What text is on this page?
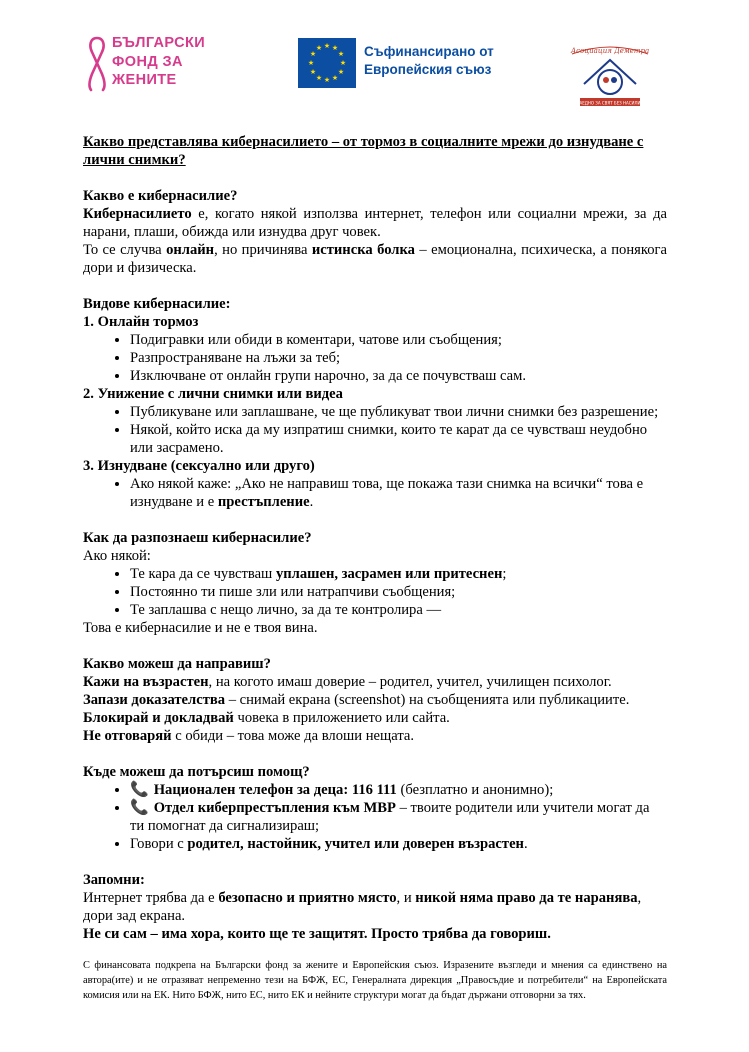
БЪЛГАРСКИ
ФОНД ЗА
ЖЕНИТЕ
★ ★
★
★
★
★
★
★
★
★
★
★	Съфинансирано от
Европейския съюз
Асоциация Деметра
ЗАЕДНО ЗА СВЯТ БЕЗ НАСИЛИЕ

Какво представлява кибернасилието – от тормоз в социалните мрежи до изнудване с лични снимки?

Какво е кибернасилие?

Кибернасилието е, когато някой използва интернет, телефон или социални мрежи, за да нарани, плаши, обижда или изнудва друг човек.

То се случва онлайн, но причинява истинска болка – емоционална, психическа, а понякога дори и физическа.

Видове кибернасилие:

1. Онлайн тормоз

• Подигравки или обиди в коментари, чатове или съобщения;
• Разпространяване на лъжи за теб;
• Изключване от онлайн групи нарочно, за да се почувстваш сам.

2. Унижение с лични снимки или видеа

• Публикуване или заплашване, че ще публикуват твои лични снимки без разрешение;
• Някой, който иска да му изпратиш снимки, които те карат да се чувстваш неудобно или засрамено.

3. Изнудване (сексуално или друго)

• Ако някой каже: „Ако не направиш това, ще покажа тази снимка на всички“ това е изнудване и е престъпление.

Как да разпознаеш кибернасилие?

Ако някой:

• Те кара да се чувстваш уплашен, засрамен или притеснен;
• Постоянно ти пише зли или натрапчиви съобщения;
• Те заплашва с нещо лично, за да те контролира —

Това е кибернасилие и не е твоя вина.

Какво можеш да направиш?

Кажи на възрастен, на когото имаш доверие – родител, учител, училищен психолог.

Запази доказателства – снимай екрана (screenshot) на съобщенията или публикациите.

Блокирай и докладвай човека в приложението или сайта.

Не отговаряй с обиди – това може да влоши нещата.

Къде можеш да потърсиш помощ?

• 📞 Национален телефон за деца: 116 111 (безплатно и анонимно);
• 📞 Отдел киберпрестъпления към МВР – твоите родители или учители могат да ти помогнат да сигнализираш;
• Говори с родител, настойник, учител или доверен възрастен.

Запомни:

Интернет трябва да е безопасно и приятно място, и никой няма право да те наранява, дори зад екрана.

Не си сам – има хора, които ще те защитят. Просто трябва да говориш.

С финансовата подкрепа на Български фонд за жените и Европейския съюз. Изразените възгледи и мнения са единствено на автора(ите) и не отразяват непременно тези на БФЖ, ЕС, Генералната дирекция „Правосъдие и потребители“ на Европейската комисия или на ЕК. Нито БФЖ, нито ЕС, нито ЕК и нейните структури могат да бъдат държани отговорни за тях.
